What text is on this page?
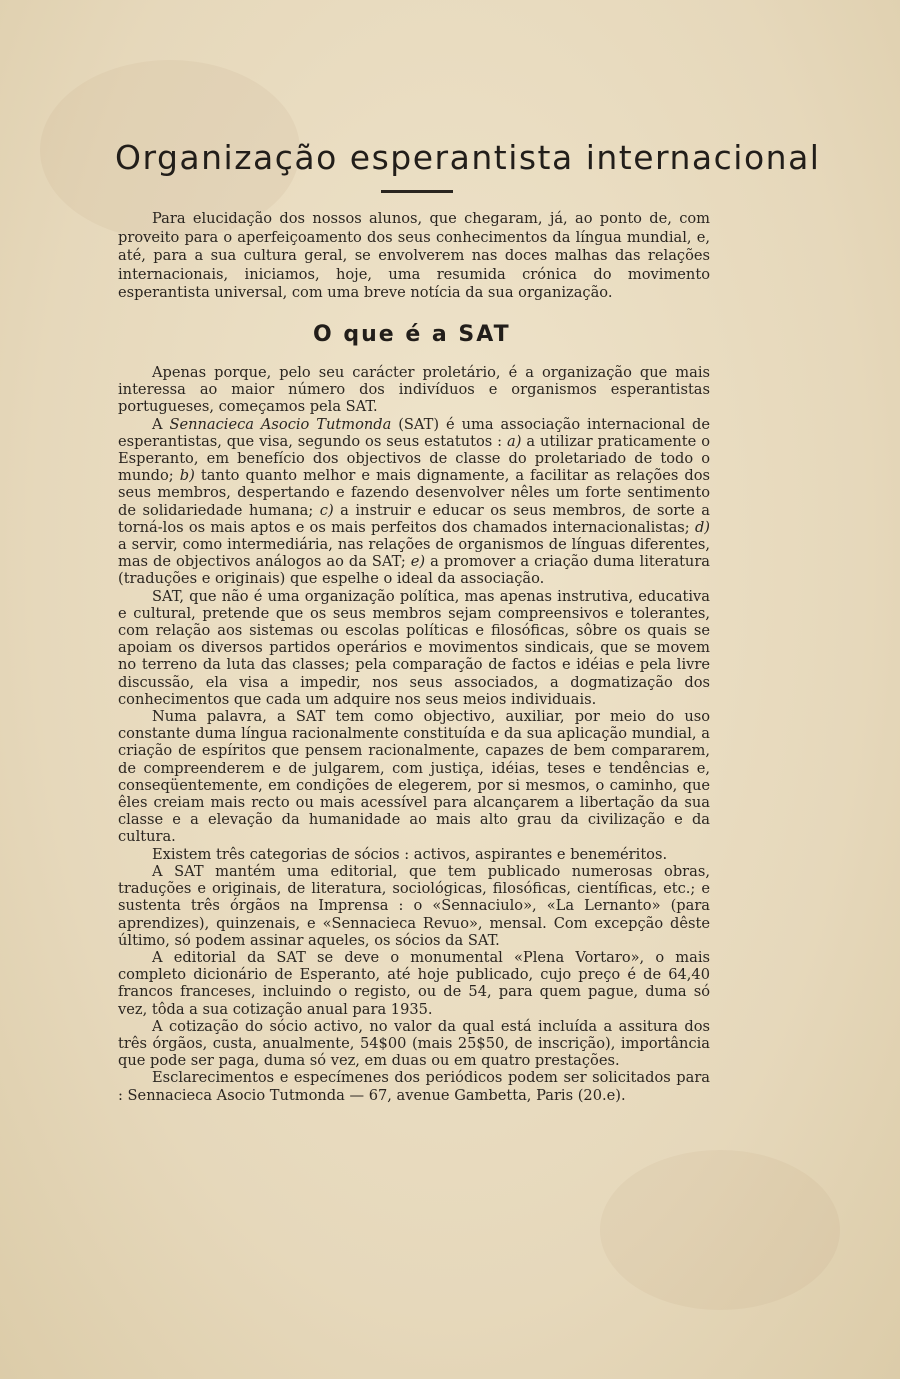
Organização esperantista internacional

Para elucidação dos nossos alunos, que chegaram, já, ao ponto de, com proveito para o aperfeiçoamento dos seus conhecimentos da língua mundial, e, até, para a sua cultura geral, se envolverem nas doces malhas das relações internacionais, iniciamos, hoje, uma resumida crónica do movimento esperantista universal, com uma breve notícia da sua organização.

O que é a SAT

Apenas porque, pelo seu carácter proletário, é a organização que mais interessa ao maior número dos indivíduos e organismos esperantistas portugueses, começamos pela SAT.

A Sennacieca Asocio Tutmonda (SAT) é uma associação internacional de esperantistas, que visa, segundo os seus estatutos : a) a utilizar praticamente o Esperanto, em benefício dos objectivos de classe do proletariado de todo o mundo; b) tanto quanto melhor e mais dignamente, a facilitar as relações dos seus membros, despertando e fazendo desenvolver nêles um forte sentimento de solidariedade humana; c) a instruir e educar os seus membros, de sorte a torná-los os mais aptos e os mais perfeitos dos chamados internacionalistas; d) a servir, como intermediária, nas relações de organismos de línguas diferentes, mas de objectivos análogos ao da SAT; e) a promover a criação duma literatura (traduções e originais) que espelhe o ideal da associação.

SAT, que não é uma organização política, mas apenas instrutiva, educativa e cultural, pretende que os seus membros sejam compreensivos e tolerantes, com relação aos sistemas ou escolas políticas e filosóficas, sôbre os quais se apoiam os diversos partidos operários e movimentos sindicais, que se movem no terreno da luta das classes; pela comparação de factos e idéias e pela livre discussão, ela visa a impedir, nos seus associados, a dogmatização dos conhecimentos que cada um adquire nos seus meios individuais.

Numa palavra, a SAT tem como objectivo, auxiliar, por meio do uso constante duma língua racionalmente constituída e da sua aplicação mundial, a criação de espíritos que pensem racionalmente, capazes de bem compararem, de compreenderem e de julgarem, com justiça, idéias, teses e tendências e, conseqüentemente, em condições de elegerem, por si mesmos, o caminho, que êles creiam mais recto ou mais acessível para alcançarem a libertação da sua classe e a elevação da humanidade ao mais alto grau da civilização e da cultura.

Existem três categorias de sócios : activos, aspirantes e beneméritos.

A SAT mantém uma editorial, que tem publicado numerosas obras, traduções e originais, de literatura, sociológicas, filosóficas, científicas, etc.; e sustenta três órgãos na Imprensa : o «Sennaciulo», «La Lernanto» (para aprendizes), quinzenais, e «Sennacieca Revuo», mensal. Com excepção dêste último, só podem assinar aqueles, os sócios da SAT.

A editorial da SAT se deve o monumental «Plena Vortaro», o mais completo dicionário de Esperanto, até hoje publicado, cujo preço é de 64,40 francos franceses, incluindo o registo, ou de 54, para quem pague, duma só vez, tôda a sua cotização anual para 1935.

A cotização do sócio activo, no valor da qual está incluída a assitura dos três órgãos, custa, anualmente, 54$00 (mais 25$50, de inscrição), importância que pode ser paga, duma só vez, em duas ou em quatro prestações.

Esclarecimentos e especímenes dos periódicos podem ser solicitados para : Sennacieca Asocio Tutmonda — 67, avenue Gambetta, Paris (20.e).
